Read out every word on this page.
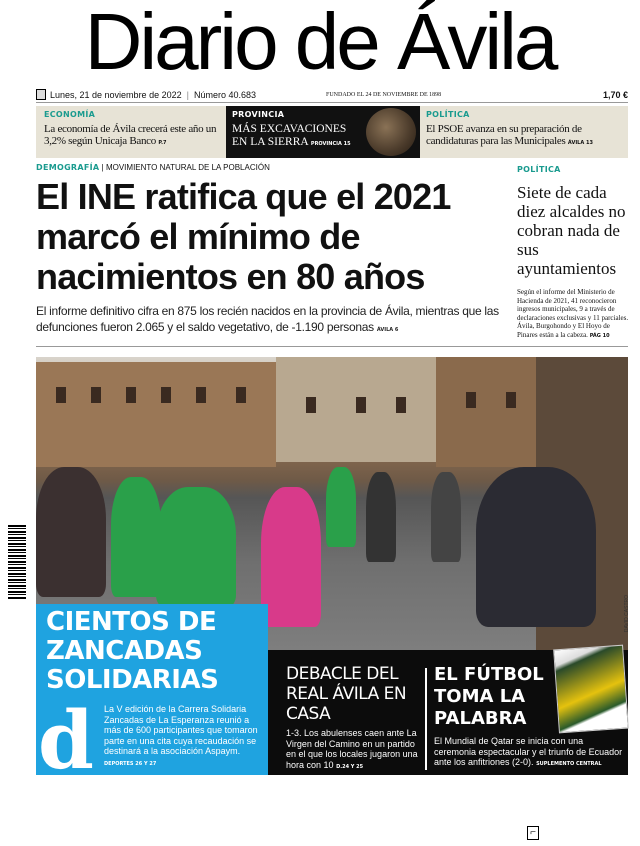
Diario de Ávila
Lunes, 21 de noviembre de 2022 | Número 40.683	FUNDADO EL 24 DE NOVIEMBRE DE 1898	1,70 €
ECONOMÍA
La economía de Ávila crecerá este año un 3,2% según Unicaja Banco P.7
PROVINCIA
MÁS EXCAVACIONES EN LA SIERRA PROVINCIA 15
POLÍTICA
El PSOE avanza en su preparación de candidaturas para las Municipales ÁVILA 13
DEMOGRAFÍA | MOVIMIENTO NATURAL DE LA POBLACIÓN
El INE ratifica que el 2021 marcó el mínimo de nacimientos en 80 años
El informe definitivo cifra en 875 los recién nacidos en la provincia de Ávila, mientras que las defunciones fueron 2.065 y el saldo vegetativo, de -1.190 personas ÁVILA 6
POLÍTICA
Siete de cada diez alcaldes no cobran nada de sus ayuntamientos

Según el informe del Ministerio de Hacienda de 2021, 41 reconocieron ingresos municipales, 9 a través de declaraciones exclusivas y 11 parciales. Ávila, Burgohondo y El Hoyo de Pinares están a la cabeza. PÁG 10

DAVID CASTRO
CIENTOS DE ZANCADAS SOLIDARIAS
d	La V edición de la Carrera Solidaria Zancadas de La Esperanza reunió a más de 600 participantes que tomaron parte en una cita cuya recaudación se destinará a la asociación Aspaym. DEPORTES 26 Y 27

DEBACLE DEL REAL ÁVILA EN CASA

1-3. Los abulenses caen ante La Virgen del Camino en un partido en el que los locales jugaron una hora con 10 D.24 Y 25

EL FÚTBOL TOMA LA PALABRA

El Mundial de Qatar se inicia con una ceremonia espectacular y el triunfo de Ecuador ante los anfitriones (2-0). SUPLEMENTO CENTRAL

⌐
